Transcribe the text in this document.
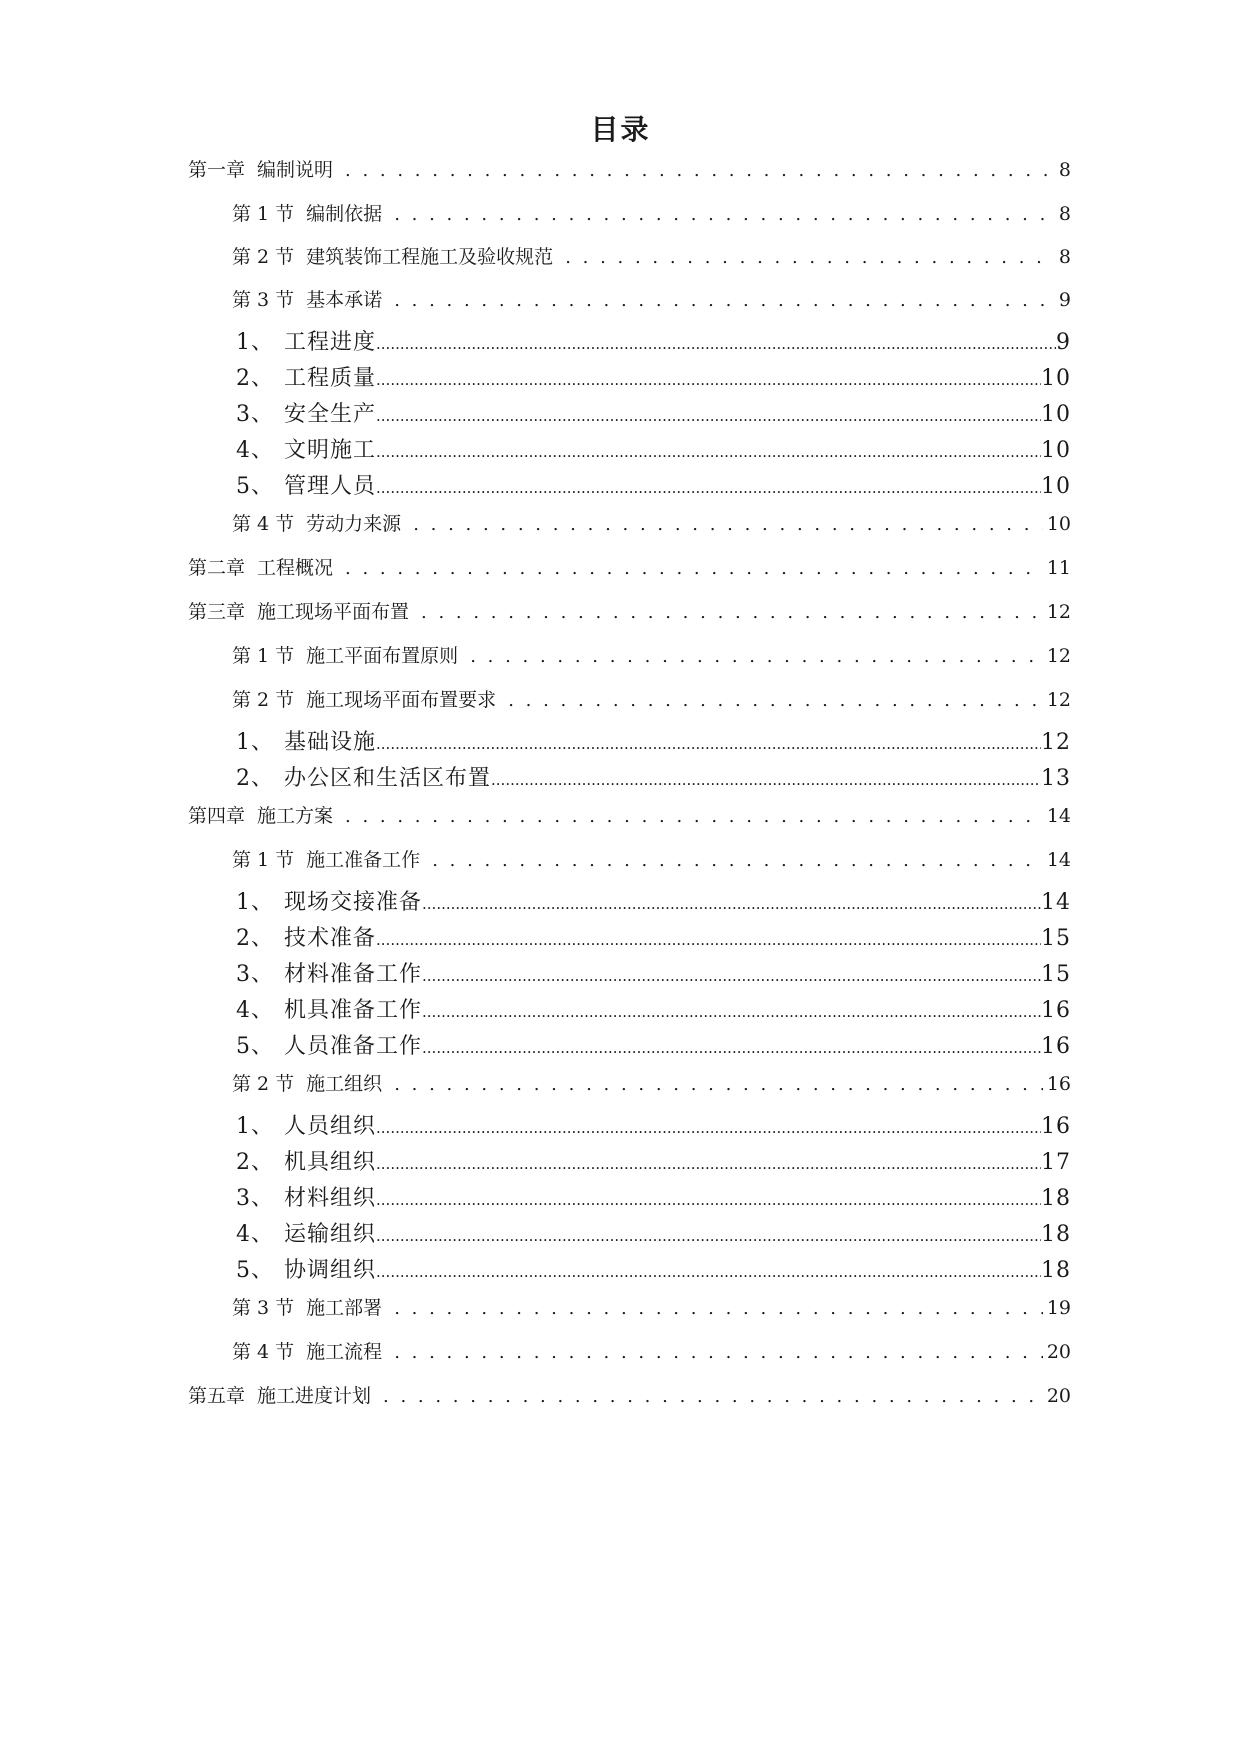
目录
第一章 编制说明 . . .	8
第 1 节 编制依据 . . .	8
第 2 节 建筑装饰工程施工及验收规范 . . .	8
第 3 节 基本承诺 . . .	9
1、 工程进度 .....	9
2、 工程质量 .....	10
3、 安全生产 .....	10
4、 文明施工 .....	10
5、 管理人员 .....	10
第 4 节 劳动力来源 . . .	10
第二章 工程概况 . . .	11
第三章 施工现场平面布置 . . .	12
第 1 节 施工平面布置原则 . . .	12
第 2 节 施工现场平面布置要求 . . .	12
1、 基础设施 .....	12
2、 办公区和生活区布置 .....	13
第四章 施工方案 . . .	14
第 1 节 施工准备工作 . . .	14
1、 现场交接准备 .....	14
2、 技术准备 .....	15
3、 材料准备工作 .....	15
4、 机具准备工作 .....	16
5、 人员准备工作 .....	16
第 2 节 施工组织 . . .	16
1、 人员组织 .....	16
2、 机具组织 .....	17
3、 材料组织 .....	18
4、 运输组织 .....	18
5、 协调组织 .....	18
第 3 节 施工部署 . . .	19
第 4 节 施工流程 . . .	20
第五章 施工进度计划 . . .	20
